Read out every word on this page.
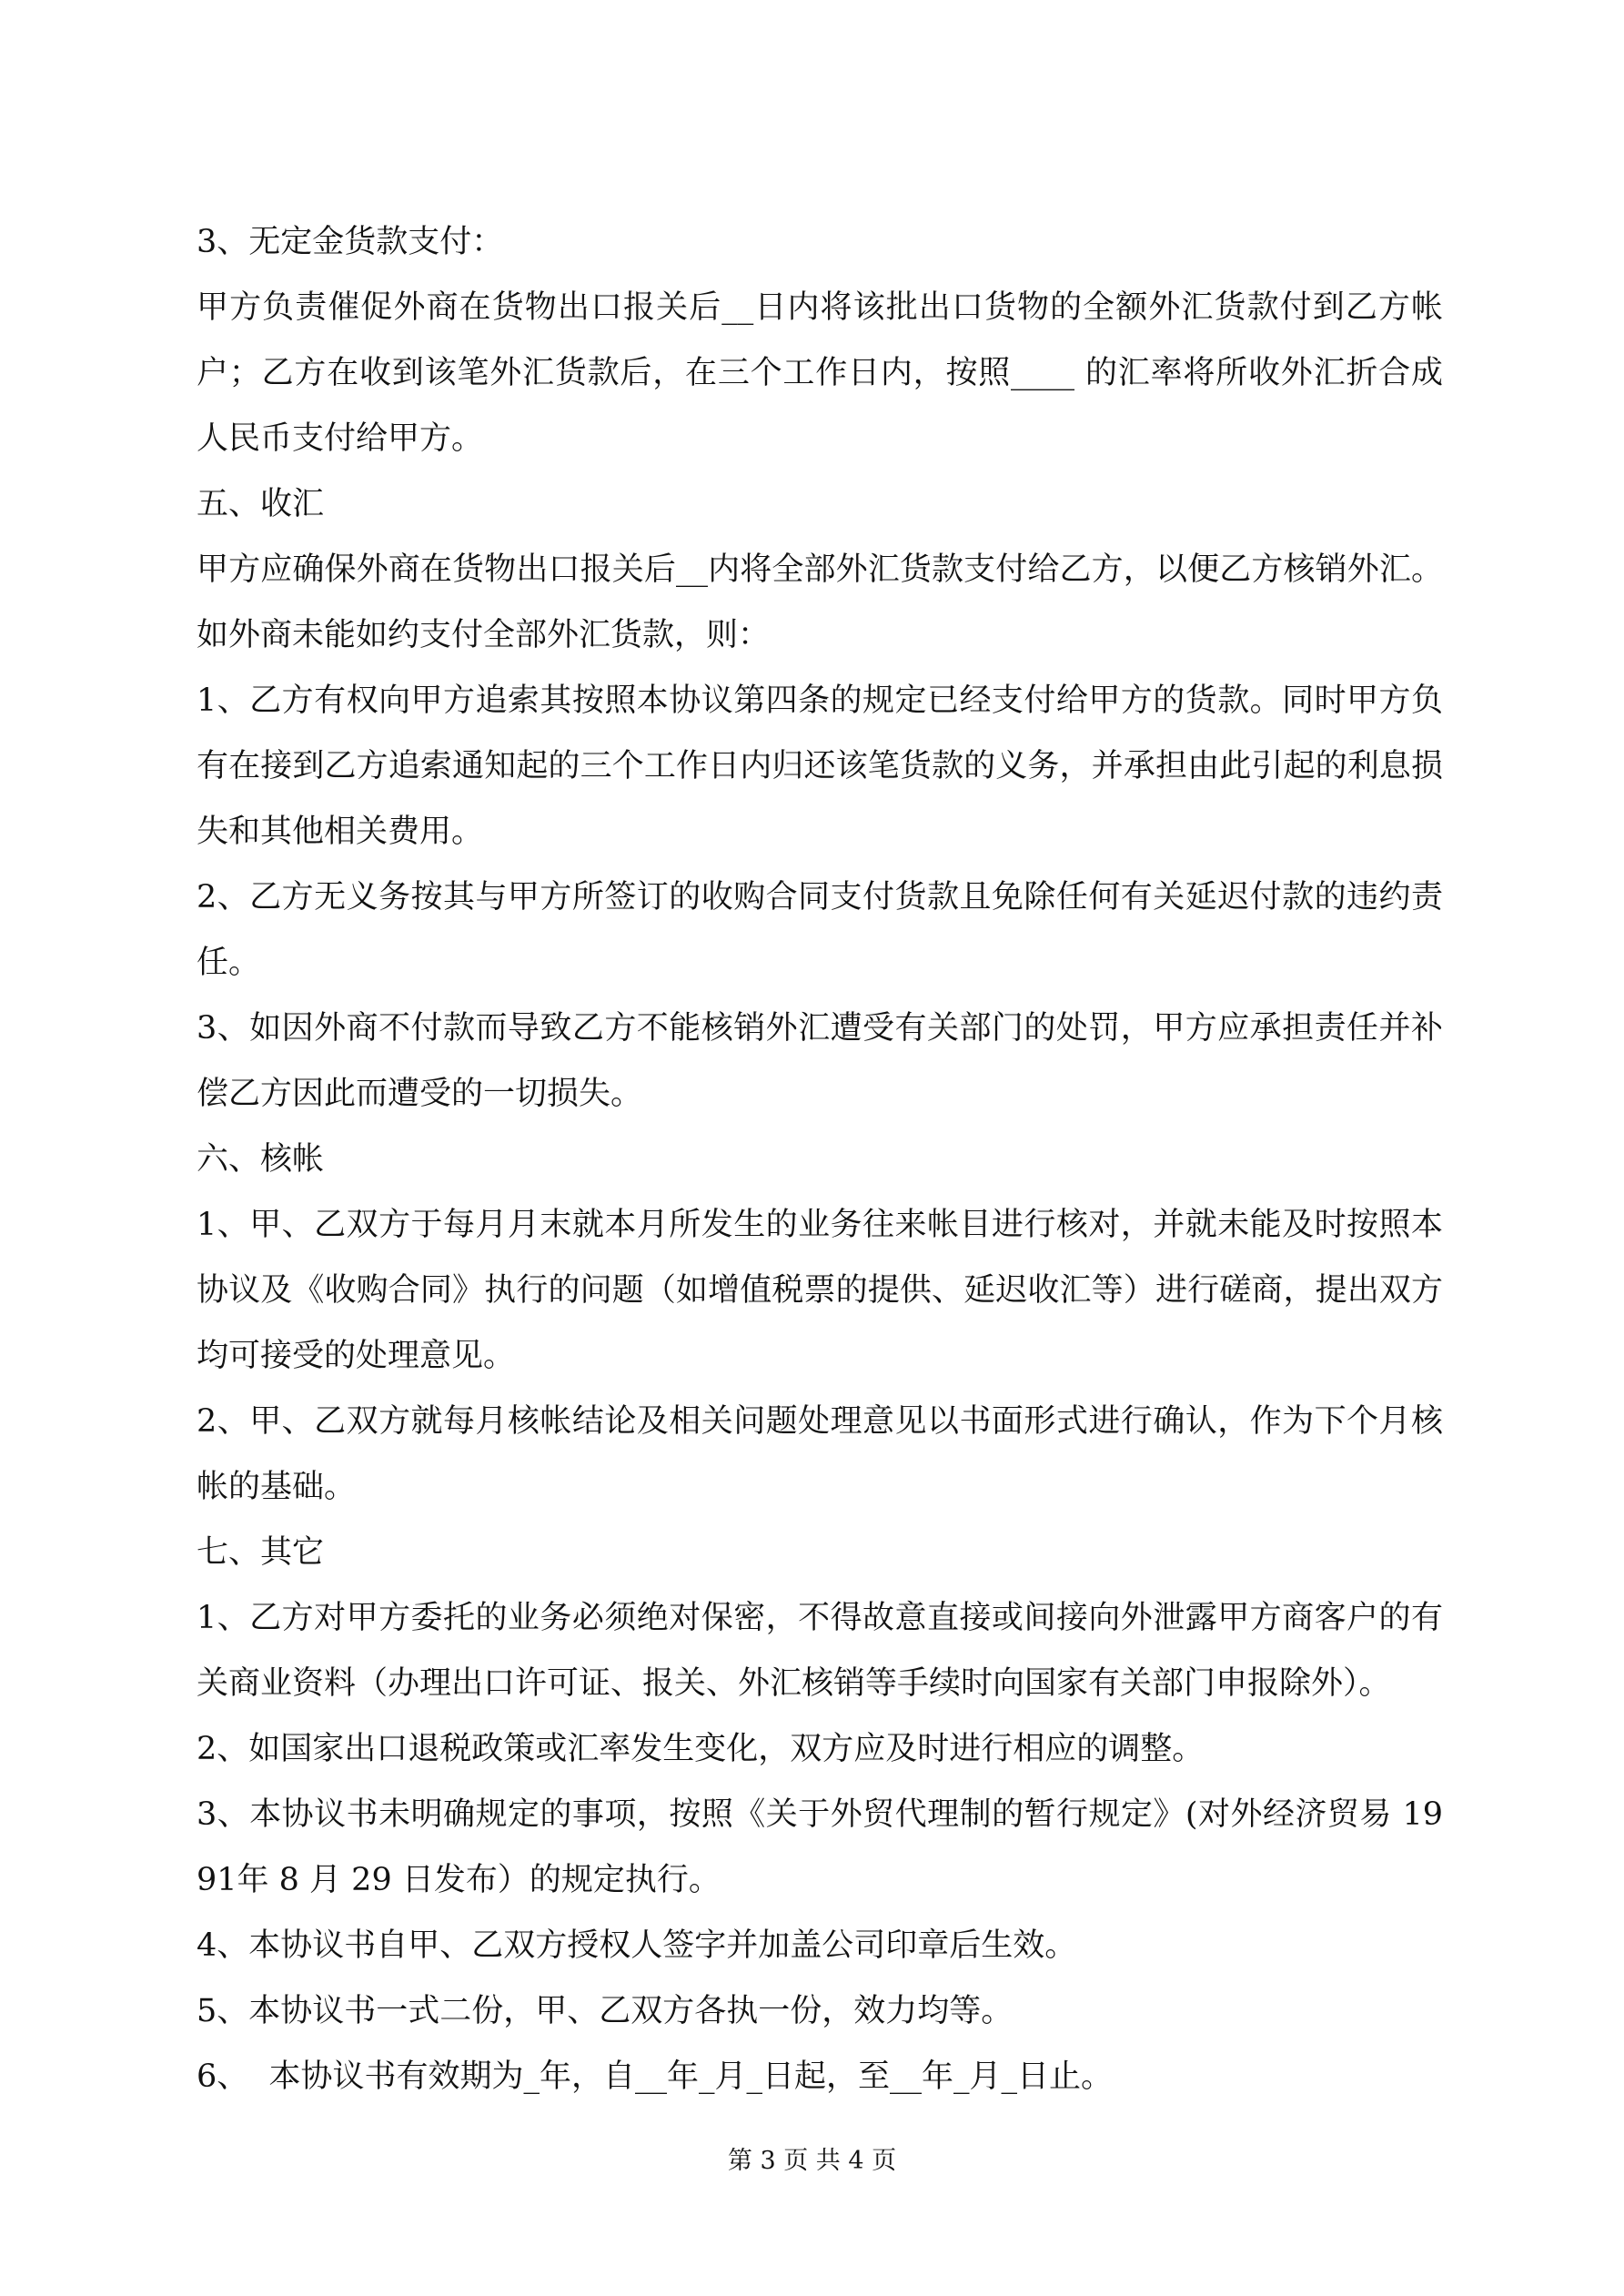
3、无定金货款支付：

甲方负责催促外商在货物出口报关后__日内将该批出口货物的全额外汇货款付到乙方帐户；乙方在收到该笔外汇货款后，在三个工作日内，按照____ 的汇率将所收外汇折合成人民币支付给甲方。

五、收汇

甲方应确保外商在货物出口报关后__内将全部外汇货款支付给乙方，以便乙方核销外汇。如外商未能如约支付全部外汇货款，则：

1、乙方有权向甲方追索其按照本协议第四条的规定已经支付给甲方的货款。同时甲方负有在接到乙方追索通知起的三个工作日内归还该笔货款的义务，并承担由此引起的利息损失和其他相关费用。

2、乙方无义务按其与甲方所签订的收购合同支付货款且免除任何有关延迟付款的违约责任。

3、如因外商不付款而导致乙方不能核销外汇遭受有关部门的处罚，甲方应承担责任并补偿乙方因此而遭受的一切损失。

六、核帐

1、甲、乙双方于每月月末就本月所发生的业务往来帐目进行核对，并就未能及时按照本协议及《收购合同》执行的问题（如增值税票的提供、延迟收汇等）进行磋商，提出双方均可接受的处理意见。

2、甲、乙双方就每月核帐结论及相关问题处理意见以书面形式进行确认，作为下个月核帐的基础。

七、其它

1、乙方对甲方委托的业务必须绝对保密，不得故意直接或间接向外泄露甲方商客户的有关商业资料（办理出口许可证、报关、外汇核销等手续时向国家有关部门申报除外）。

2、如国家出口退税政策或汇率发生变化，双方应及时进行相应的调整。

3、本协议书未明确规定的事项，按照《关于外贸代理制的暂行规定》(对外经济贸易 1991年 8 月 29 日发布）的规定执行。

4、本协议书自甲、乙双方授权人签字并加盖公司印章后生效。

5、本协议书一式二份，甲、乙双方各执一份，效力均等。

6、  本协议书有效期为_年，自__年_月_日起，至__年_月_日止。

第 3 页 共 4 页
